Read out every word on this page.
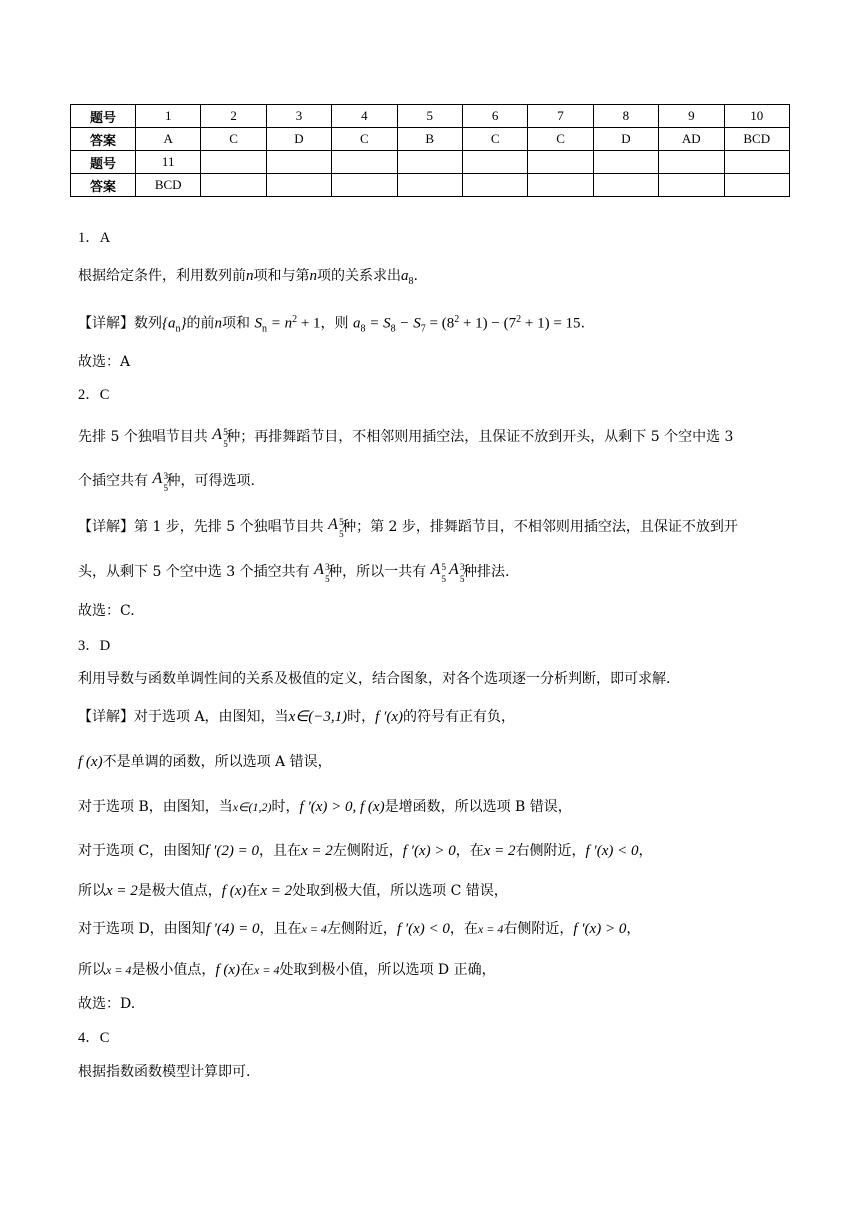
题号	1	2	3	4	5	6	7	8	9	10
答案	A	C	D	C	B	C	C	D	AD	BCD
题号	11									
答案	BCD									
1．A
根据给定条件，利用数列前n项和与第n项的关系求出$a_8$.
【详解】数列$\{a_n\}$的前n项和 $S_n = n^2 + 1$，则 $a_8 = S_8 - S_7 = (8^2 + 1) - (7^2 + 1) = 15$.
故选：A
2．C
先排 5 个独唱节目共 A 5
5
种；再排舞蹈节目，不相邻则用插空法，且保证不放到开头，从剩下 5 个空中选 3
个插空共有 A 3
5
种，可得选项.
【详解】第 1 步，先排 5 个独唱节目共 A 5
5
种；第 2 步，排舞蹈节目，不相邻则用插空法，且保证不放到开
头，从剩下 5 个空中选 3 个插空共有 A 3
5
种，所以一共有 A 5
5

A 3
5
种排法.
故选：C.
3．D
利用导数与函数单调性间的关系及极值的定义，结合图象，对各个选项逐一分析判断，即可求解.
【详解】对于选项 A，由图知，当x∈(−3,1)时，f ′(x)的符号有正有负，
f (x)不是单调的函数，所以选项 A 错误，
对于选项 B，由图知，当x∈(1,2)时，f ′(x) > 0, f (x)是增函数，所以选项 B 错误，
对于选项 C，由图知f ′(2) = 0，且在x = 2左侧附近，f ′(x) > 0，在x = 2右侧附近，f ′(x) < 0，
所以x = 2是极大值点，f (x)在x = 2处取到极大值，所以选项 C 错误，
对于选项 D，由图知f ′(4) = 0，且在x = 4左侧附近，f ′(x) < 0，在x = 4右侧附近，f ′(x) > 0，
所以x = 4是极小值点，f (x)在x = 4处取到极小值，所以选项 D 正确，
故选：D.
4．C
根据指数函数模型计算即可.
